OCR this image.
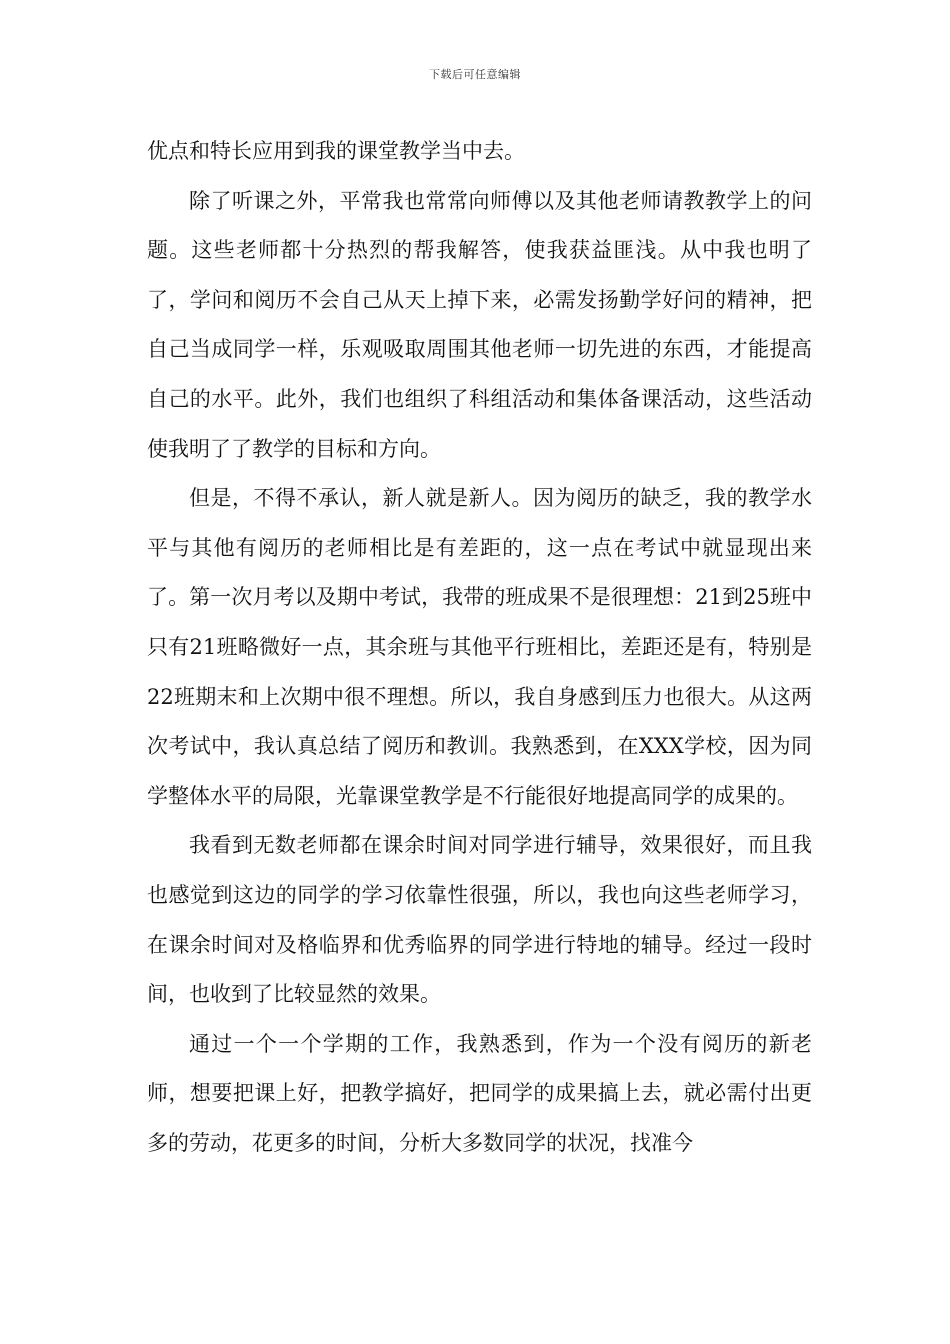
下载后可任意编辑

优点和特长应用到我的课堂教学当中去。

除了听课之外，平常我也常常向师傅以及其他老师请教教学上的问题。这些老师都十分热烈的帮我解答，使我获益匪浅。从中我也明了了，学问和阅历不会自己从天上掉下来，必需发扬勤学好问的精神，把自己当成同学一样，乐观吸取周围其他老师一切先进的东西，才能提高自己的水平。此外，我们也组织了科组活动和集体备课活动，这些活动使我明了了教学的目标和方向。

但是，不得不承认，新人就是新人。因为阅历的缺乏，我的教学水平与其他有阅历的老师相比是有差距的，这一点在考试中就显现出来了。第一次月考以及期中考试，我带的班成果不是很理想：21到25班中只有21班略微好一点，其余班与其他平行班相比，差距还是有，特别是22班期末和上次期中很不理想。所以，我自身感到压力也很大。从这两次考试中，我认真总结了阅历和教训。我熟悉到，在XXX学校，因为同学整体水平的局限，光靠课堂教学是不行能很好地提高同学的成果的。

我看到无数老师都在课余时间对同学进行辅导，效果很好，而且我也感觉到这边的同学的学习依靠性很强，所以，我也向这些老师学习，在课余时间对及格临界和优秀临界的同学进行特地的辅导。经过一段时间，也收到了比较显然的效果。

通过一个一个学期的工作，我熟悉到，作为一个没有阅历的新老师，想要把课上好，把教学搞好，把同学的成果搞上去，就必需付出更多的劳动，花更多的时间，分析大多数同学的状况，找准今
